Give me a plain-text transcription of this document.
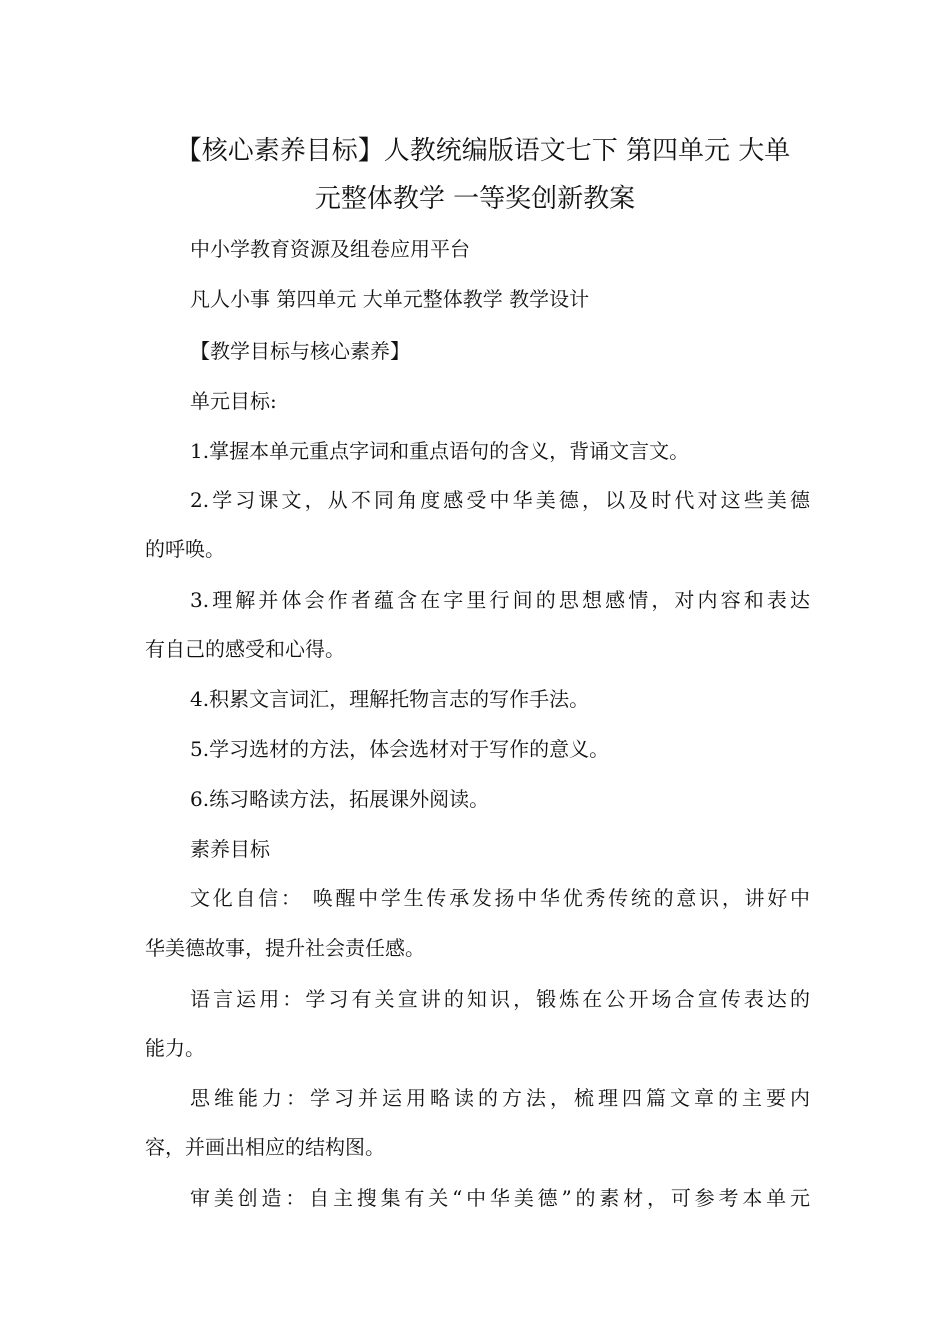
【核心素养目标】人教统编版语文七下 第四单元 大单
元整体教学 一等奖创新教案
中小学教育资源及组卷应用平台
凡人小事 第四单元 大单元整体教学 教学设计
【教学目标与核心素养】
单元目标:
1.掌握本单元重点字词和重点语句的含义，背诵文言文。
2.学习课文，从不同角度感受中华美德，以及时代对这些美德
的呼唤。
3.理解并体会作者蕴含在字里行间的思想感情，对内容和表达
有自己的感受和心得。
4.积累文言词汇，理解托物言志的写作手法。
5.学习选材的方法，体会选材对于写作的意义。
6.练习略读方法，拓展课外阅读。
素养目标
文化自信： 唤醒中学生传承发扬中华优秀传统的意识，讲好中
华美德故事，提升社会责任感。
语言运用：学习有关宣讲的知识，锻炼在公开场合宣传表达的
能力。
思维能力：学习并运用略读的方法，梳理四篇文章的主要内
容，并画出相应的结构图。
审美创造：自主搜集有关“中华美德”的素材，可参考本单元
